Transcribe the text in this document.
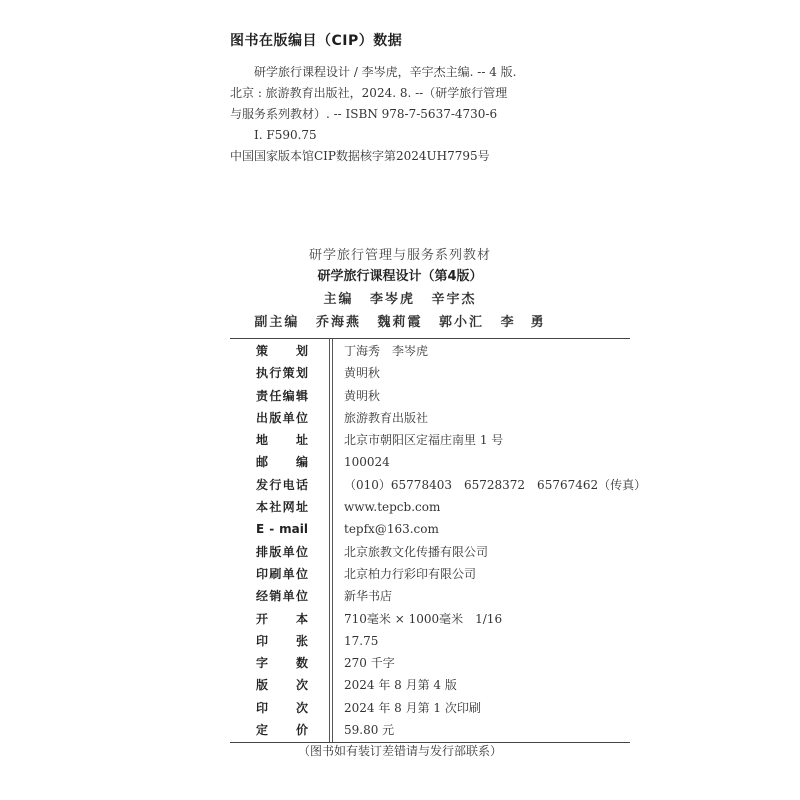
图书在版编目（CIP）数据
研学旅行课程设计 / 李岑虎，辛宇杰主编. -- 4 版.
北京 : 旅游教育出版社，2024. 8. --（研学旅行管理
与服务系列教材）. -- ISBN 978-7-5637-4730-6
Ⅰ. F590.75
中国国家版本馆CIP数据核字第2024UH7795号
研学旅行管理与服务系列教材
研学旅行课程设计（第4版）
主编 李岑虎 辛宇杰
副主编 乔海燕 魏莉霞 郭小汇 李　勇
策划	丁海秀　李岑虎
执行策划	黄明秋
责任编辑	黄明秋
出版单位	旅游教育出版社
地址	北京市朝阳区定福庄南里 1 号
邮编	100024
发行电话	（010）65778403　65728372　65767462（传真）
本社网址	www.tepcb.com
E - mail	tepfx@163.com
排版单位	北京旅教文化传播有限公司
印刷单位	北京柏力行彩印有限公司
经销单位	新华书店
开本	710毫米 × 1000毫米　1/16
印张	17.75
字数	270 千字
版次	2024 年 8 月第 4 版
印次	2024 年 8 月第 1 次印刷
定价	59.80 元
（图书如有装订差错请与发行部联系）
